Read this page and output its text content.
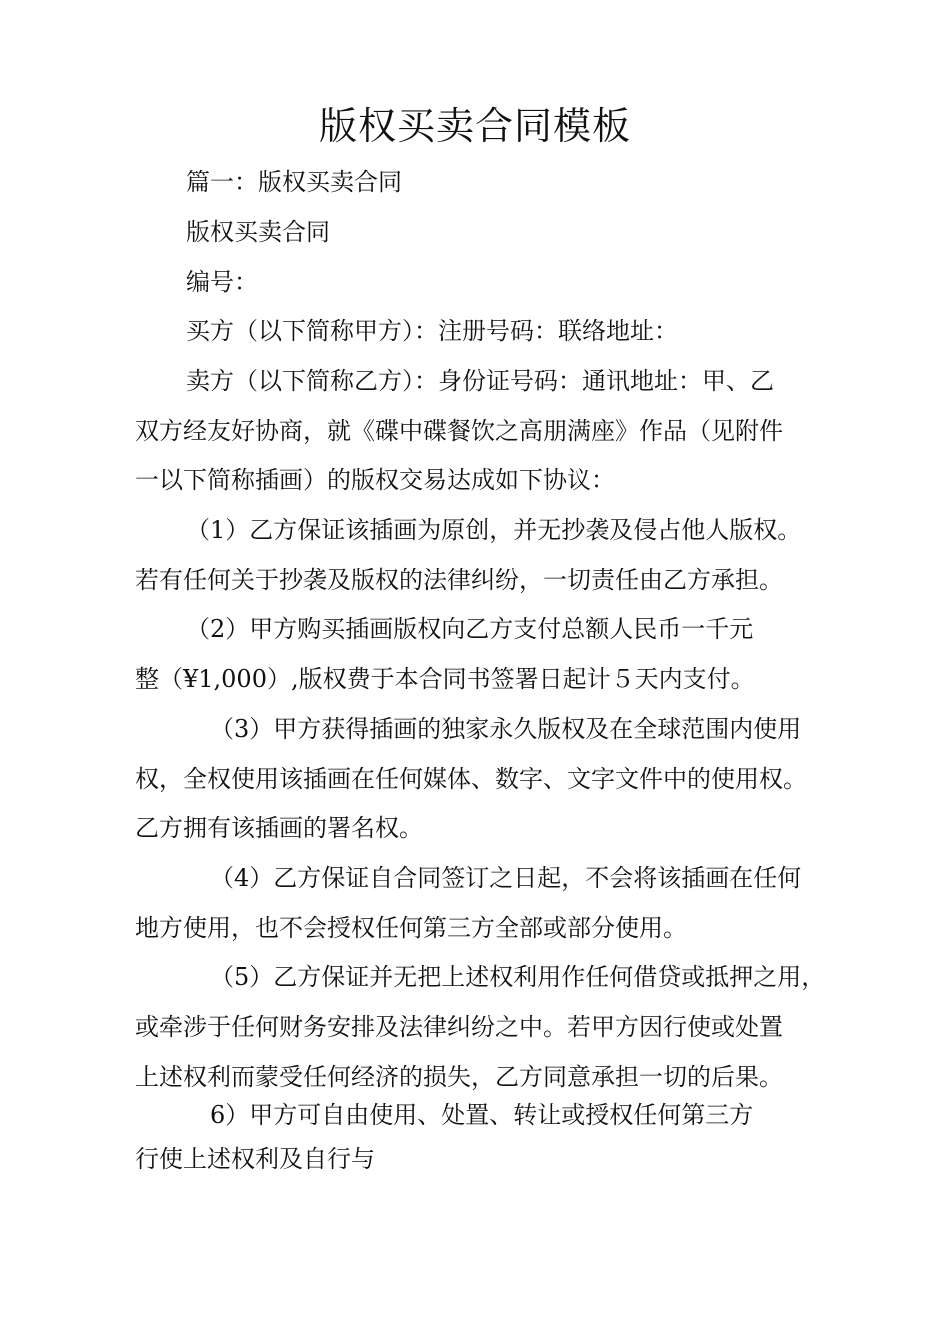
版权买卖合同模板
篇一：版权买卖合同
版权买卖合同
编号：
买方（以下简称甲方）：注册号码：联络地址：
卖方（以下简称乙方）：身份证号码：通讯地址：甲、乙
双方经友好协商，就《碟中碟餐饮之高朋满座》作品（见附件
一以下简称插画）的版权交易达成如下协议：
（1）乙方保证该插画为原创，并无抄袭及侵占他人版权。
若有任何关于抄袭及版权的法律纠纷，一切责任由乙方承担。
（2）甲方购买插画版权向乙方支付总额人民币一千元
整（¥1,000）,版权费于本合同书签署日起计５天内支付。
（3）甲方获得插画的独家永久版权及在全球范围内使用
权，全权使用该插画在任何媒体、数字、文字文件中的使用权。
乙方拥有该插画的署名权。
（4）乙方保证自合同签订之日起，不会将该插画在任何
地方使用，也不会授权任何第三方全部或部分使用。
（5）乙方保证并无把上述权利用作任何借贷或抵押之用，
或牵涉于任何财务安排及法律纠纷之中。若甲方因行使或处置
上述权利而蒙受任何经济的损失，乙方同意承担一切的后果。
6）甲方可自由使用、处置、转让或授权任何第三方
行使上述权利及自行与
